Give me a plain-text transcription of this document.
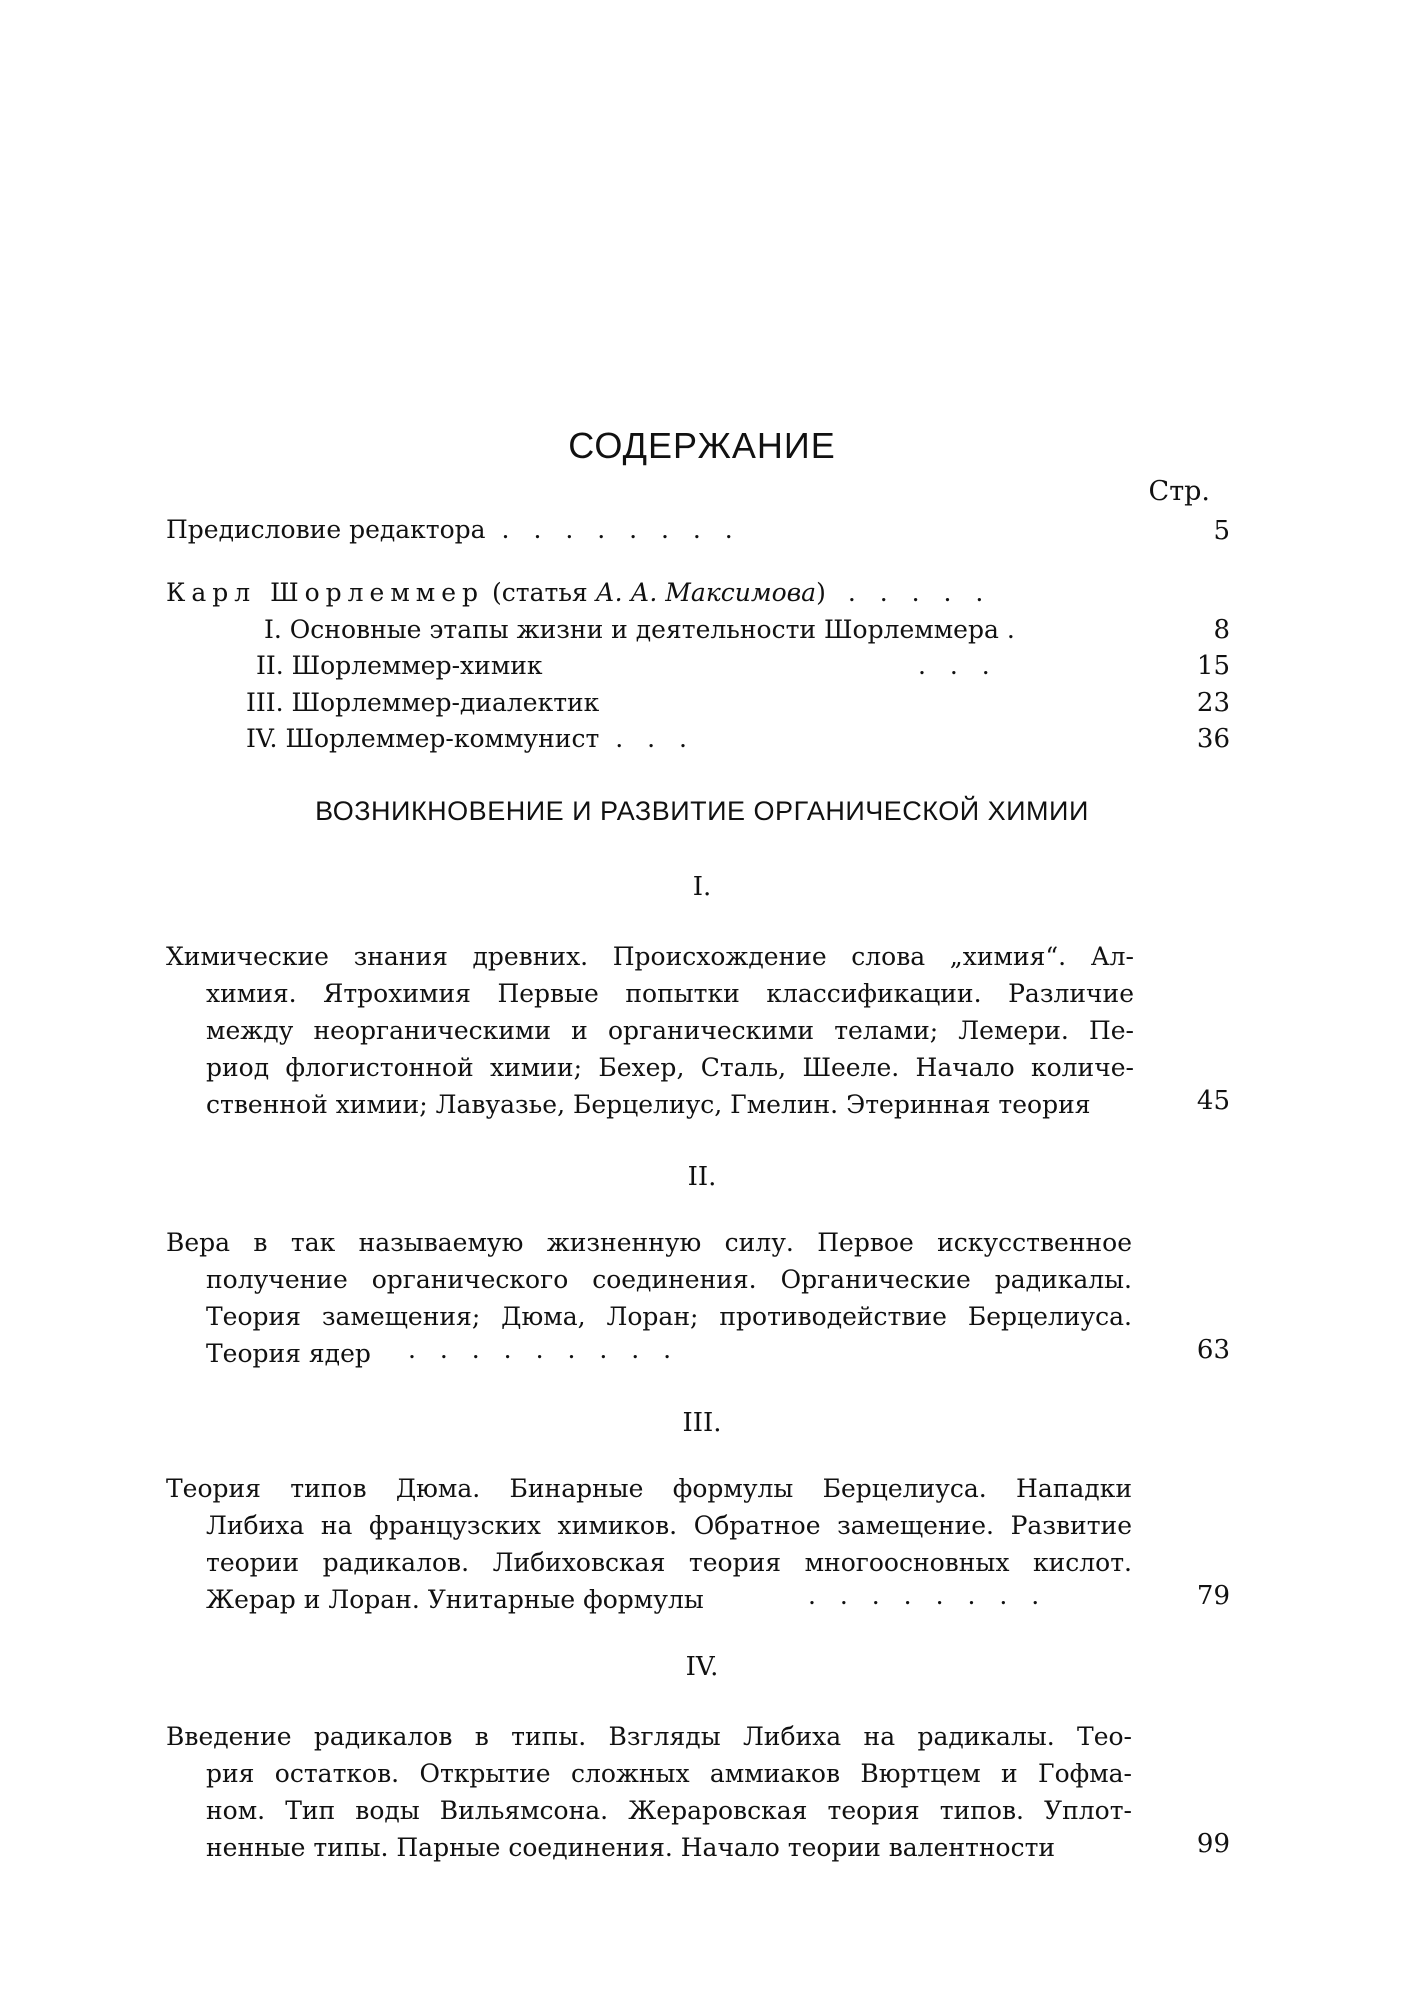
СОДЕРЖАНИЕ
Стр.
Предисловие редактора . . . . . . . .	5
Карл Шорлеммер (статья А. А. Максимова) . . . . .
I. Основные этапы жизни и деятельности Шорлеммера .	8
II. Шорлеммер-химик	. . .	15
III. Шорлеммер-диалектик	23
IV. Шорлеммер-коммунист . . .	36
ВОЗНИКНОВЕНИЕ И РАЗВИТИЕ ОРГАНИЧЕСКОЙ ХИМИИ
I.
Химические знания древних. Происхождение слова „химия“. Ал-
химия. Ятрохимия Первые попытки классификации. Различие
между неорганическими и органическими телами; Лемери. Пе-
риод флогистонной химии; Бехер, Сталь, Шееле. Начало количе-
ственной химии; Лавуазье, Берцелиус, Гмелин. Этеринная теория	45
II.
Вера в так называемую жизненную силу. Первое искусственное
получение органического соединения. Органические радикалы.
Теория замещения; Дюма, Лоран; противодействие Берцелиуса.
Теория ядер	. . . . . . . . .	63
III.
Теория типов Дюма. Бинарные формулы Берцелиуса. Нападки
Либиха на французских химиков. Обратное замещение. Развитие
теории радикалов. Либиховская теория многоосновных кислот.
Жерар и Лоран. Унитарные формулы	. . . . . . . .	79
IV.
Введение радикалов в типы. Взгляды Либиха на радикалы. Тео-
рия остатков. Открытие сложных аммиаков Вюртцем и Гофма-
ном. Тип воды Вильямсона. Жераровская теория типов. Уплот-
ненные типы. Парные соединения. Начало теории валентности	99
